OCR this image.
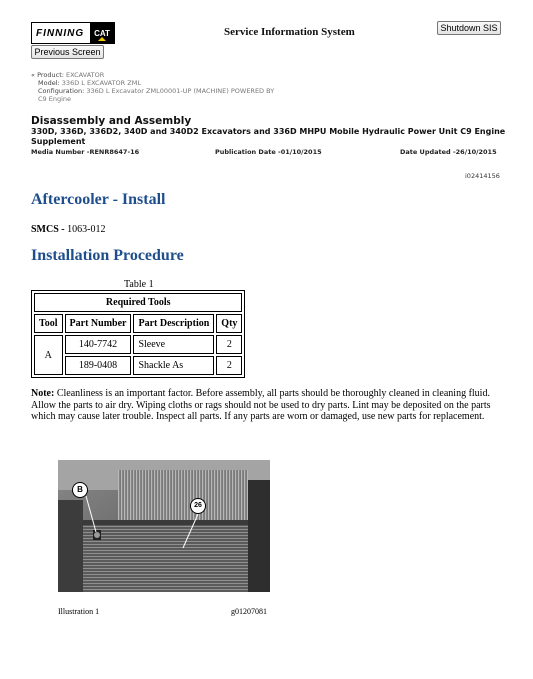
FINNING	CAT	Service Information System	Shutdown SIS
Previous Screen
« Product: EXCAVATOR
Model: 336D L EXCAVATOR ZML
Configuration: 336D L Excavator ZML00001-UP (MACHINE) POWERED BY
C9 Engine
Disassembly and Assembly
330D, 336D, 336D2, 340D and 340D2 Excavators and 336D MHPU Mobile Hydraulic Power Unit C9 Engine Supplement
Media Number -RENR8647-16	Publication Date -01/10/2015	Date Updated -26/10/2015
i02414156
Aftercooler - Install
SMCS - 1063-012
Installation Procedure
Table 1
Required Tools			
Tool	Part Number	Part Description	Qty
A	140-7742	Sleeve	2
	189-0408	Shackle As	2
Note: Cleanliness is an important factor. Before assembly, all parts should be thoroughly cleaned in cleaning fluid. Allow the parts to air dry. Wiping cloths or rags should not be used to dry parts. Lint may be deposited on the parts which may cause later trouble. Inspect all parts. If any parts are worn or damaged, use new parts for replacement.
B
26
Illustration 1	g01207081
